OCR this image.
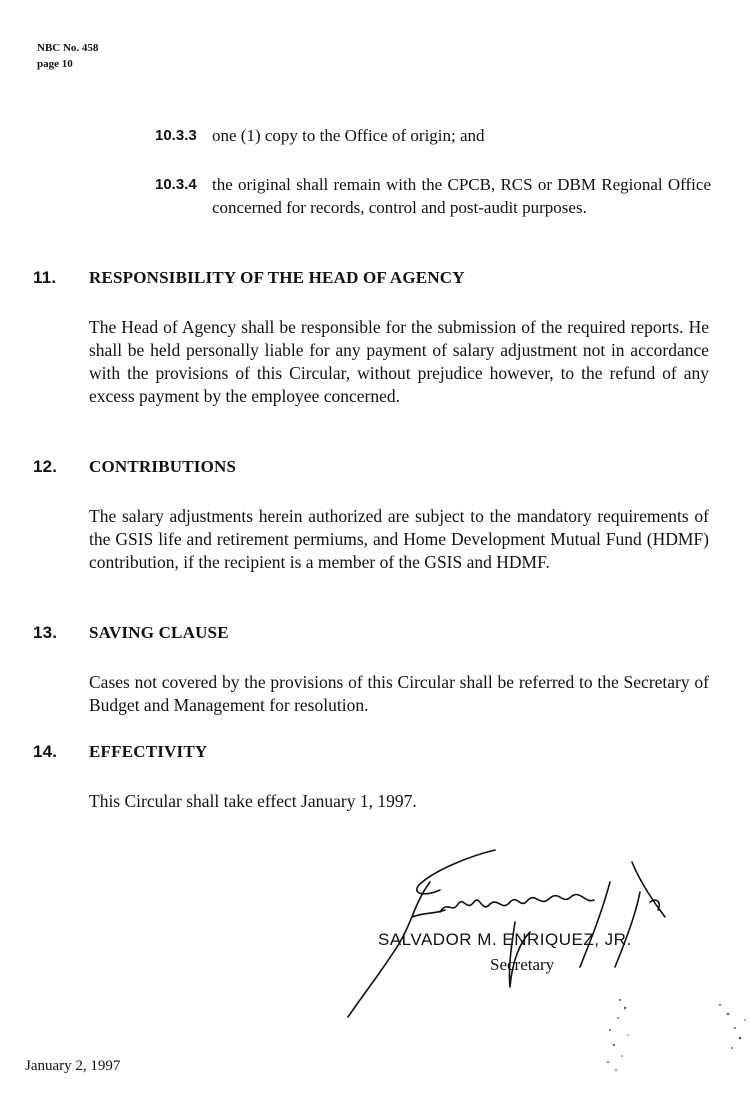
NBC No. 458
page 10
10.3.3 one (1) copy to the Office of origin; and
10.3.4 the original shall remain with the CPCB, RCS or DBM Regional Office concerned for records, control and post-audit purposes.
11. RESPONSIBILITY OF THE HEAD OF AGENCY
The Head of Agency shall be responsible for the submission of the required reports. He shall be held personally liable for any payment of salary adjustment not in accordance with the provisions of this Circular, without prejudice however, to the refund of any excess payment by the employee concerned.
12. CONTRIBUTIONS
The salary adjustments herein authorized are subject to the mandatory requirements of the GSIS life and retirement permiums, and Home Development Mutual Fund (HDMF) contribution, if the recipient is a member of the GSIS and HDMF.
13. SAVING CLAUSE
Cases not covered by the provisions of this Circular shall be referred to the Secretary of Budget and Management for resolution.
14. EFFECTIVITY
This Circular shall take effect January 1, 1997.
SALVADOR M. ENRIQUEZ, JR.
Secretary
January 2, 1997
